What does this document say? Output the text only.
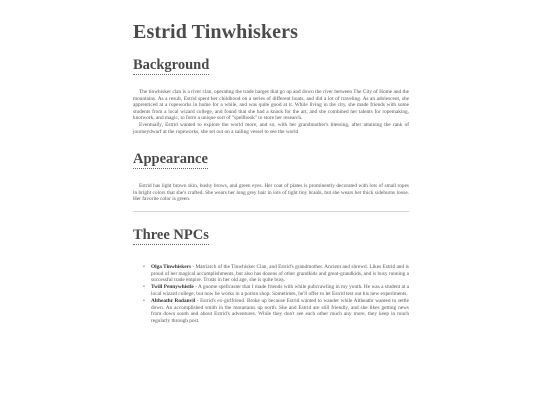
Estrid Tinwhiskers
Background

The tinwhisker clan is a river clan, operating the trade barges that go up and down the river between The City of Home and the mountains. As a result, Estrid spent her childhood on a series of different boats, and did a lot of traveling. As an adolescent, she apprenticed at a ropeworks in home for a while, and was quite good at it. While living in the city, she made friends with some students from a local wizard college, and found that she had a knack for the art, and she combined her talents for ropemaking, knotwork, and magic, to form a unique sort of "spellbook" to store her research.

Eventually, Estrid wanted to explore the world more, and so, with her grandmother's blessing, after attaining the rank of journeydwarf at the ropeworks, she set out on a sailing vessel to see the world

Appearance

Estrid has light brown skin, bushy brows, and green eyes. Her coat of plates is prominently decorated with lots of small ropes in bright colors that she's crafted. She wears her long grey hair in lots of tight tiny braids, but she wears her thick sideburns loose. Her favorite color is green.

Three NPCs
• Olga Tinwhiskers - Matriarch of the Tinwhisker Clan, and Estrid's grandmother. Ancient and shrewd. Likes Estrid and is proud of her magical accomplishments, but also has dozens of other grandkids and great-grandkids, and is busy running a successful trade empire. Trusts in her old age, she is quite busy.
• Twill Pennywhistle - A gnome spellcaster that I made friends with while pubcrawling in my youth. He was a student at a local wizard college, but now he works in a potion shop. Sometimes, he'll offer to let Estrid test out his new experiments.
• Altheathr Rodanvil - Estrid's ex-girlfriend. Broke up because Estrid wanted to wander while Altheathr wanted to settle down. An accomplished smith in the mountains up north. She and Estrid are still friendly, and she likes getting news from down south and about Estrid's adventures. While they don't see each other much any more, they keep in touch regularly through post.
